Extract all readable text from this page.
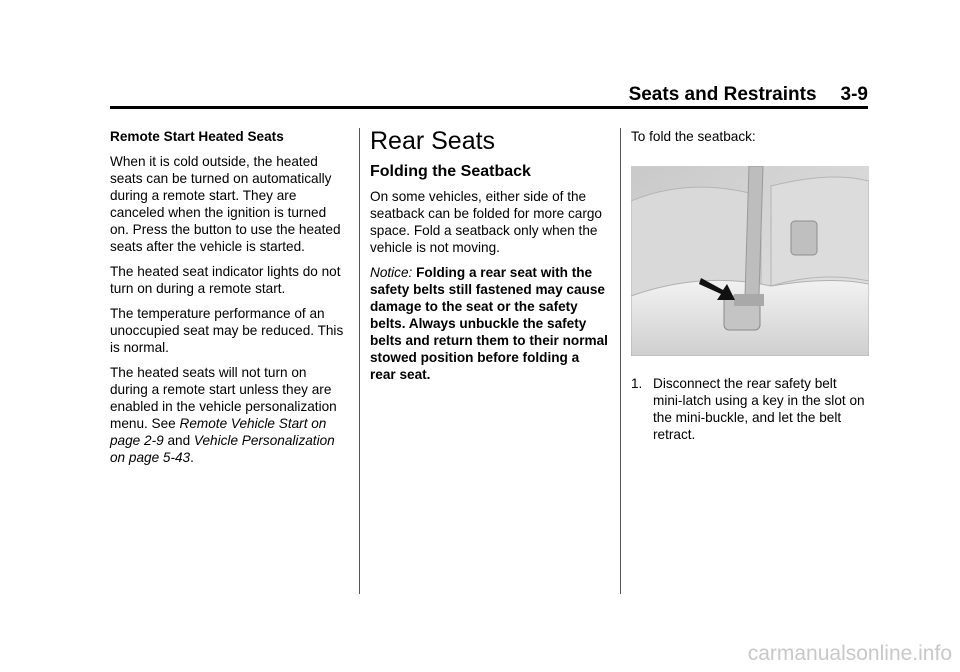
Seats and Restraints 3-9

Remote Start Heated Seats

When it is cold outside, the heated seats can be turned on automatically during a remote start. They are canceled when the ignition is turned on. Press the button to use the heated seats after the vehicle is started.

The heated seat indicator lights do not turn on during a remote start.

The temperature performance of an unoccupied seat may be reduced. This is normal.

The heated seats will not turn on during a remote start unless they are enabled in the vehicle personalization menu. See Remote Vehicle Start on page 2-9 and Vehicle Personalization on page 5-43.

Rear Seats
Folding the Seatback

On some vehicles, either side of the seatback can be folded for more cargo space. Fold a seatback only when the vehicle is not moving.

Notice: Folding a rear seat with the safety belts still fastened may cause damage to the seat or the safety belts. Always unbuckle the safety belts and return them to their normal stowed position before folding a rear seat.

To fold the seatback:

1. Disconnect the rear safety belt mini-latch using a key in the slot on the mini-buckle, and let the belt retract.
carmanualsonline.info
